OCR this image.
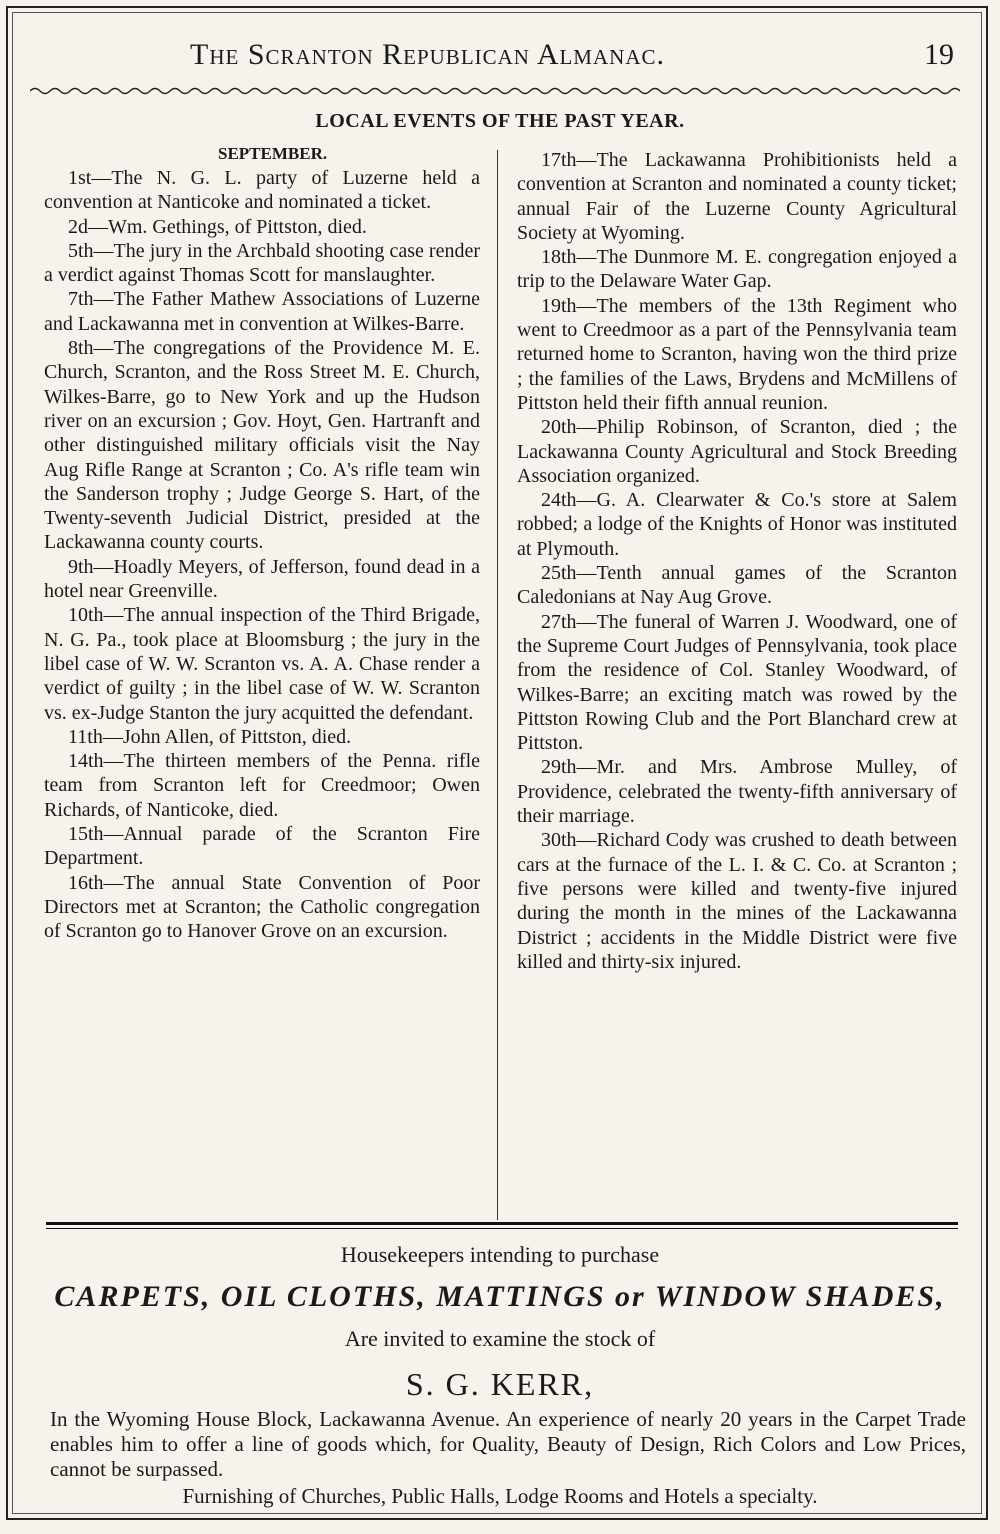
The Scranton Republican Almanac.	19
LOCAL EVENTS OF THE PAST YEAR.

SEPTEMBER.

1st—The N. G. L. party of Luzerne held a convention at Nanticoke and nominated a ticket.

2d—Wm. Gethings, of Pittston, died.

5th—The jury in the Archbald shooting case render a verdict against Thomas Scott for manslaughter.

7th—The Father Mathew Associations of Luzerne and Lackawanna met in convention at Wilkes-Barre.

8th—The congregations of the Providence M. E. Church, Scranton, and the Ross Street M. E. Church, Wilkes-Barre, go to New York and up the Hudson river on an excursion ; Gov. Hoyt, Gen. Hartranft and other distinguished military officials visit the Nay Aug Rifle Range at Scranton ; Co. A's rifle team win the Sanderson trophy ; Judge George S. Hart, of the Twenty-seventh Judicial District, presided at the Lackawanna county courts.

9th—Hoadly Meyers, of Jefferson, found dead in a hotel near Greenville.

10th—The annual inspection of the Third Brigade, N. G. Pa., took place at Bloomsburg ; the jury in the libel case of W. W. Scranton vs. A. A. Chase render a verdict of guilty ; in the libel case of W. W. Scranton vs. ex-Judge Stanton the jury acquitted the defendant.

11th—John Allen, of Pittston, died.

14th—The thirteen members of the Penna. rifle team from Scranton left for Creedmoor; Owen Richards, of Nanticoke, died.

15th—Annual parade of the Scranton Fire Department.

16th—The annual State Convention of Poor Directors met at Scranton; the Catholic congregation of Scranton go to Hanover Grove on an excursion.

17th—The Lackawanna Prohibitionists held a convention at Scranton and nominated a county ticket; annual Fair of the Luzerne County Agricultural Society at Wyoming.

18th—The Dunmore M. E. congregation enjoyed a trip to the Delaware Water Gap.

19th—The members of the 13th Regiment who went to Creedmoor as a part of the Pennsylvania team returned home to Scranton, having won the third prize ; the families of the Laws, Brydens and McMillens of Pittston held their fifth annual reunion.

20th—Philip Robinson, of Scranton, died ; the Lackawanna County Agricultural and Stock Breeding Association organized.

24th—G. A. Clearwater & Co.'s store at Salem robbed; a lodge of the Knights of Honor was instituted at Plymouth.

25th—Tenth annual games of the Scranton Caledonians at Nay Aug Grove.

27th—The funeral of Warren J. Woodward, one of the Supreme Court Judges of Pennsylvania, took place from the residence of Col. Stanley Woodward, of Wilkes-Barre; an exciting match was rowed by the Pittston Rowing Club and the Port Blanchard crew at Pittston.

29th—Mr. and Mrs. Ambrose Mulley, of Providence, celebrated the twenty-fifth anniversary of their marriage.

30th—Richard Cody was crushed to death between cars at the furnace of the L. I. & C. Co. at Scranton ; five persons were killed and twenty-five injured during the month in the mines of the Lackawanna District ; accidents in the Middle District were five killed and thirty-six injured.

Housekeepers intending to purchase
CARPETS, OIL CLOTHS, MATTINGS or WINDOW SHADES,
Are invited to examine the stock of
S. G. KERR,
In the Wyoming House Block, Lackawanna Avenue. An experience of nearly 20 years in the Carpet Trade enables him to offer a line of goods which, for Quality, Beauty of Design, Rich Colors and Low Prices, cannot be surpassed.
Furnishing of Churches, Public Halls, Lodge Rooms and Hotels a specialty.
